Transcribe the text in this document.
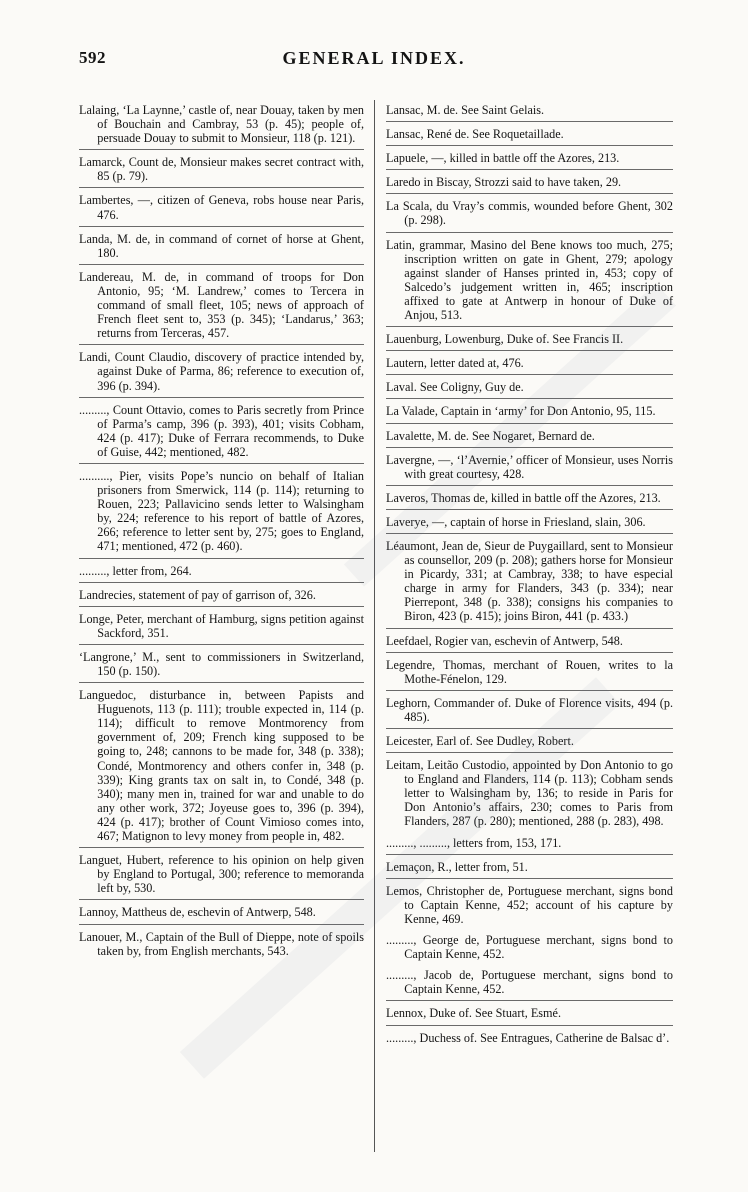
592	GENERAL INDEX.

Lalaing, ‘La Laynne,’ castle of, near Douay, taken by men of Bouchain and Cambray, 53 (p. 45); people of, persuade Douay to submit to Monsieur, 118 (p. 121).

Lamarck, Count de, Monsieur makes secret contract with, 85 (p. 79).

Lambertes, —, citizen of Geneva, robs house near Paris, 476.

Landa, M. de, in command of cornet of horse at Ghent, 180.

Landereau, M. de, in command of troops for Don Antonio, 95; ‘M. Landrew,’ comes to Tercera in command of small fleet, 105; news of approach of French fleet sent to, 353 (p. 345); ‘Landarus,’ 363; returns from Terceras, 457.

Landi, Count Claudio, discovery of practice intended by, against Duke of Parma, 86; reference to execution of, 396 (p. 394).

........., Count Ottavio, comes to Paris secretly from Prince of Parma’s camp, 396 (p. 393), 401; visits Cobham, 424 (p. 417); Duke of Ferrara recommends, to Duke of Guise, 442; mentioned, 482.

.........., Pier, visits Pope’s nuncio on behalf of Italian prisoners from Smerwick, 114 (p. 114); returning to Rouen, 223; Pallavicino sends letter to Walsingham by, 224; reference to his report of battle of Azores, 266; reference to letter sent by, 275; goes to England, 471; mentioned, 472 (p. 460).

........., letter from, 264.

Landrecies, statement of pay of garrison of, 326.

Longe, Peter, merchant of Hamburg, signs petition against Sackford, 351.

‘Langrone,’ M., sent to commissioners in Switzerland, 150 (p. 150).

Languedoc, disturbance in, between Papists and Huguenots, 113 (p. 111); trouble expected in, 114 (p. 114); difficult to remove Montmorency from government of, 209; French king supposed to be going to, 248; cannons to be made for, 348 (p. 338); Condé, Montmorency and others confer in, 348 (p. 339); King grants tax on salt in, to Condé, 348 (p. 340); many men in, trained for war and unable to do any other work, 372; Joyeuse goes to, 396 (p. 394), 424 (p. 417); brother of Count Vimioso comes into, 467; Matignon to levy money from people in, 482.

Languet, Hubert, reference to his opinion on help given by England to Portugal, 300; reference to memoranda left by, 530.

Lannoy, Mattheus de, eschevin of Antwerp, 548.

Lanouer, M., Captain of the Bull of Dieppe, note of spoils taken by, from English merchants, 543.

Lansac, M. de. See Saint Gelais.

Lansac, René de. See Roquetaillade.

Lapuele, —, killed in battle off the Azores, 213.

Laredo in Biscay, Strozzi said to have taken, 29.

La Scala, du Vray’s commis, wounded before Ghent, 302 (p. 298).

Latin, grammar, Masino del Bene knows too much, 275; inscription written on gate in Ghent, 279; apology against slander of Hanses printed in, 453; copy of Salcedo’s judgement written in, 465; inscription affixed to gate at Antwerp in honour of Duke of Anjou, 513.

Lauenburg, Lowenburg, Duke of. See Francis II.

Lautern, letter dated at, 476.

Laval. See Coligny, Guy de.

La Valade, Captain in ‘army’ for Don Antonio, 95, 115.

Lavalette, M. de. See Nogaret, Bernard de.

Lavergne, —, ‘l’Avernie,’ officer of Monsieur, uses Norris with great courtesy, 428.

Laveros, Thomas de, killed in battle off the Azores, 213.

Laverye, —, captain of horse in Friesland, slain, 306.

Léaumont, Jean de, Sieur de Puygaillard, sent to Monsieur as counsellor, 209 (p. 208); gathers horse for Monsieur in Picardy, 331; at Cambray, 338; to have especial charge in army for Flanders, 343 (p. 334); near Pierrepont, 348 (p. 338); consigns his companies to Biron, 423 (p. 415); joins Biron, 441 (p. 433.)

Leefdael, Rogier van, eschevin of Antwerp, 548.

Legendre, Thomas, merchant of Rouen, writes to la Mothe-Fénelon, 129.

Leghorn, Commander of. Duke of Florence visits, 494 (p. 485).

Leicester, Earl of. See Dudley, Robert.

Leitam, Leitão Custodio, appointed by Don Antonio to go to England and Flanders, 114 (p. 113); Cobham sends letter to Walsingham by, 136; to reside in Paris for Don Antonio’s affairs, 230; comes to Paris from Flanders, 287 (p. 280); mentioned, 288 (p. 283), 498.

........., ........., letters from, 153, 171.

Lemaçon, R., letter from, 51.

Lemos, Christopher de, Portuguese merchant, signs bond to Captain Kenne, 452; account of his capture by Kenne, 469.

........., George de, Portuguese merchant, signs bond to Captain Kenne, 452.

........., Jacob de, Portuguese merchant, signs bond to Captain Kenne, 452.

Lennox, Duke of. See Stuart, Esmé.

........., Duchess of. See Entragues, Catherine de Balsac d’.
